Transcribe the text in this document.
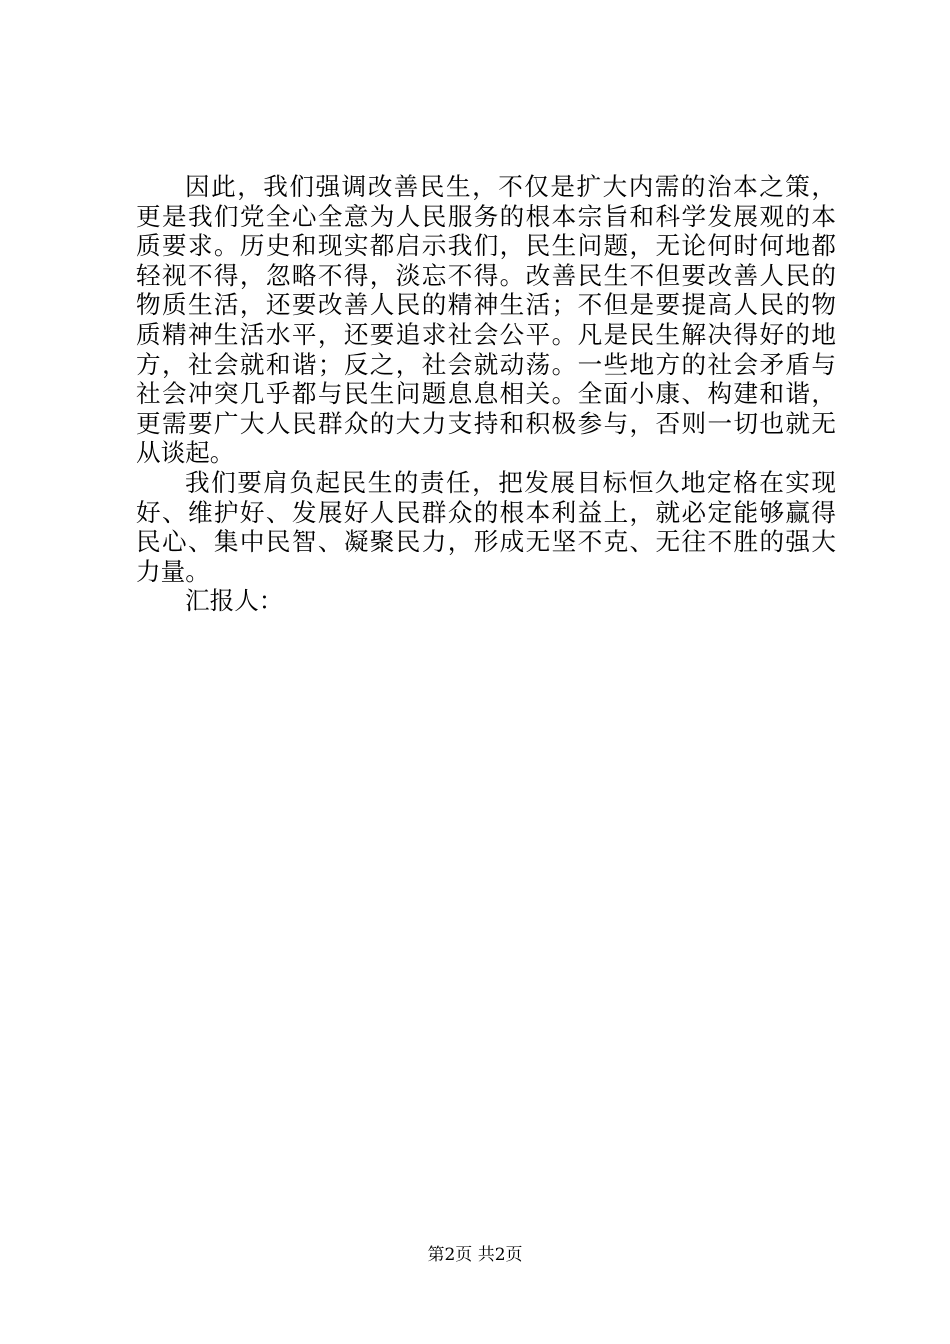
因此，我们强调改善民生，不仅是扩大内需的治本之策，
更是我们党全心全意为人民服务的根本宗旨和科学发展观的本
质要求。历史和现实都启示我们，民生问题，无论何时何地都
轻视不得，忽略不得，淡忘不得。改善民生不但要改善人民的
物质生活，还要改善人民的精神生活；不但是要提高人民的物
质精神生活水平，还要追求社会公平。凡是民生解决得好的地
方，社会就和谐；反之，社会就动荡。一些地方的社会矛盾与
社会冲突几乎都与民生问题息息相关。全面小康、构建和谐，
更需要广大人民群众的大力支持和积极参与，否则一切也就无
从谈起。
我们要肩负起民生的责任，把发展目标恒久地定格在实现
好、维护好、发展好人民群众的根本利益上，就必定能够赢得
民心、集中民智、凝聚民力，形成无坚不克、无往不胜的强大
力量。
汇报人：
第2页 共2页
